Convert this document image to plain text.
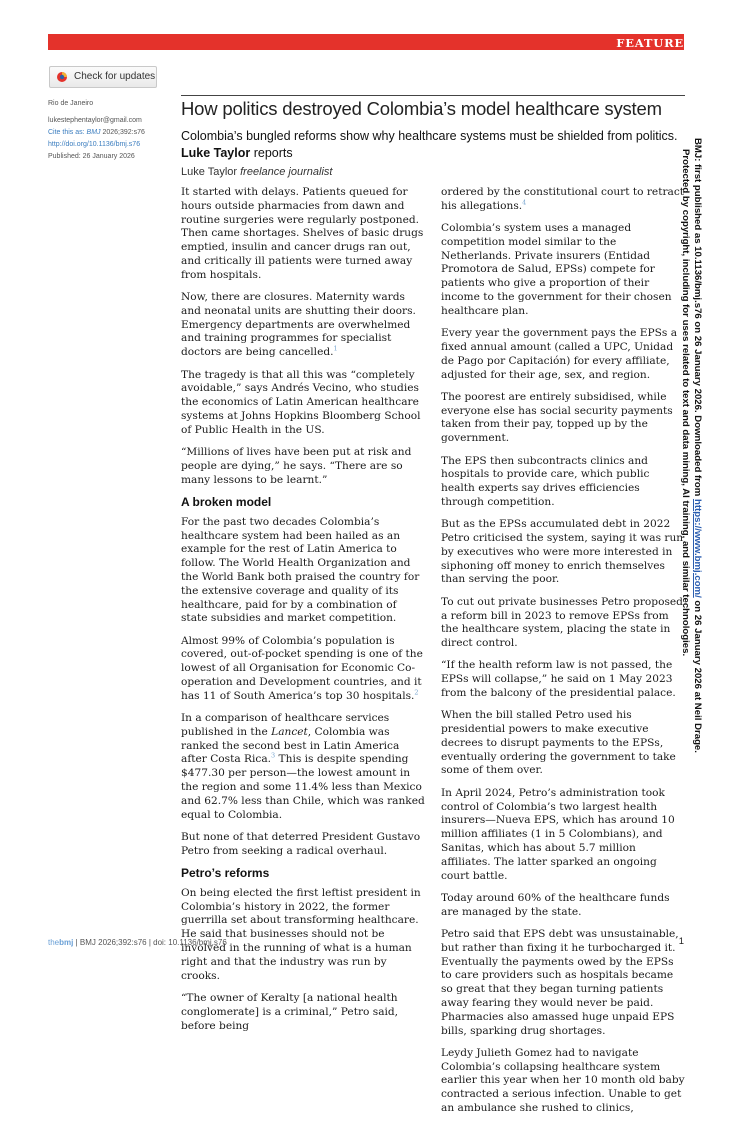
FEATURE
Check for updates
Rio de Janeiro
lukestephentaylor@gmail.com
Cite this as: BMJ 2026;392:s76
http://doi.org/10.1136/bmj.s76
Published: 26 January 2026
How politics destroyed Colombia’s model healthcare system

Colombia’s bungled reforms show why healthcare systems must be shielded from politics. Luke Taylor reports

Luke Taylor freelance journalist

It started with delays. Patients queued for hours outside pharmacies from dawn and routine surgeries were regularly postponed. Then came shortages. Shelves of basic drugs emptied, insulin and cancer drugs ran out, and critically ill patients were turned away from hospitals.

Now, there are closures. Maternity wards and neonatal units are shutting their doors. Emergency departments are overwhelmed and training programmes for specialist doctors are being cancelled.$^1$

The tragedy is that all this was “completely avoidable,” says Andrés Vecino, who studies the economics of Latin American healthcare systems at Johns Hopkins Bloomberg School of Public Health in the US.

“Millions of lives have been put at risk and people are dying,” he says. “There are so many lessons to be learnt.”

A broken model

For the past two decades Colombia’s healthcare system had been hailed as an example for the rest of Latin America to follow. The World Health Organization and the World Bank both praised the country for the extensive coverage and quality of its healthcare, paid for by a combination of state subsidies and market competition.

Almost 99% of Colombia’s population is covered, out-of-pocket spending is one of the lowest of all Organisation for Economic Co-operation and Development countries, and it has 11 of South America’s top 30 hospitals.$^2$

In a comparison of healthcare services published in the Lancet, Colombia was ranked the second best in Latin America after Costa Rica.$^3$ This is despite spending $477.30 per person—the lowest amount in the region and some 11.4% less than Mexico and 62.7% less than Chile, which was ranked equal to Colombia.

But none of that deterred President Gustavo Petro from seeking a radical overhaul.

Petro’s reforms

On being elected the first leftist president in Colombia’s history in 2022, the former guerrilla set about transforming healthcare. He said that businesses should not be involved in the running of what is a human right and that the industry was run by crooks.

“The owner of Keralty [a national health conglomerate] is a criminal,” Petro said, before being

ordered by the constitutional court to retract his allegations.$^4$

Colombia’s system uses a managed competition model similar to the Netherlands. Private insurers (Entidad Promotora de Salud, EPSs) compete for patients who give a proportion of their income to the government for their chosen healthcare plan.

Every year the government pays the EPSs a fixed annual amount (called a UPC, Unidad de Pago por Capitación) for every affiliate, adjusted for their age, sex, and region.

The poorest are entirely subsidised, while everyone else has social security payments taken from their pay, topped up by the government.

The EPS then subcontracts clinics and hospitals to provide care, which public health experts say drives efficiencies through competition.

But as the EPSs accumulated debt in 2022 Petro criticised the system, saying it was run by executives who were more interested in siphoning off money to enrich themselves than serving the poor.

To cut out private businesses Petro proposed a reform bill in 2023 to remove EPSs from the healthcare system, placing the state in direct control.

“If the health reform law is not passed, the EPSs will collapse,” he said on 1 May 2023 from the balcony of the presidential palace.

When the bill stalled Petro used his presidential powers to make executive decrees to disrupt payments to the EPSs, eventually ordering the government to take some of them over.

In April 2024, Petro’s administration took control of Colombia’s two largest health insurers—Nueva EPS, which has around 10 million affiliates (1 in 5 Colombians), and Sanitas, which has about 5.7 million affiliates. The latter sparked an ongoing court battle.

Today around 60% of the healthcare funds are managed by the state.

Petro said that EPS debt was unsustainable, but rather than fixing it he turbocharged it. Eventually the payments owed by the EPSs to care providers such as hospitals became so great that they began turning patients away fearing they would never be paid. Pharmacies also amassed huge unpaid EPS bills, sparking drug shortages.

Leydy Julieth Gomez had to navigate Colombia’s collapsing healthcare system earlier this year when her 10 month old baby contracted a serious infection. Unable to get an ambulance she rushed to clinics,

BMJ: first published as 10.1136/bmj.s76 on 26 January 2026. Downloaded from https://www.bmj.com/ on 26 January 2026 at Neil Drage.
Protected by copyright, including for uses related to text and data mining, AI training, and similar technologies.
thebmj | BMJ 2026;392:s76 | doi: 10.1136/bmj.s76	1
